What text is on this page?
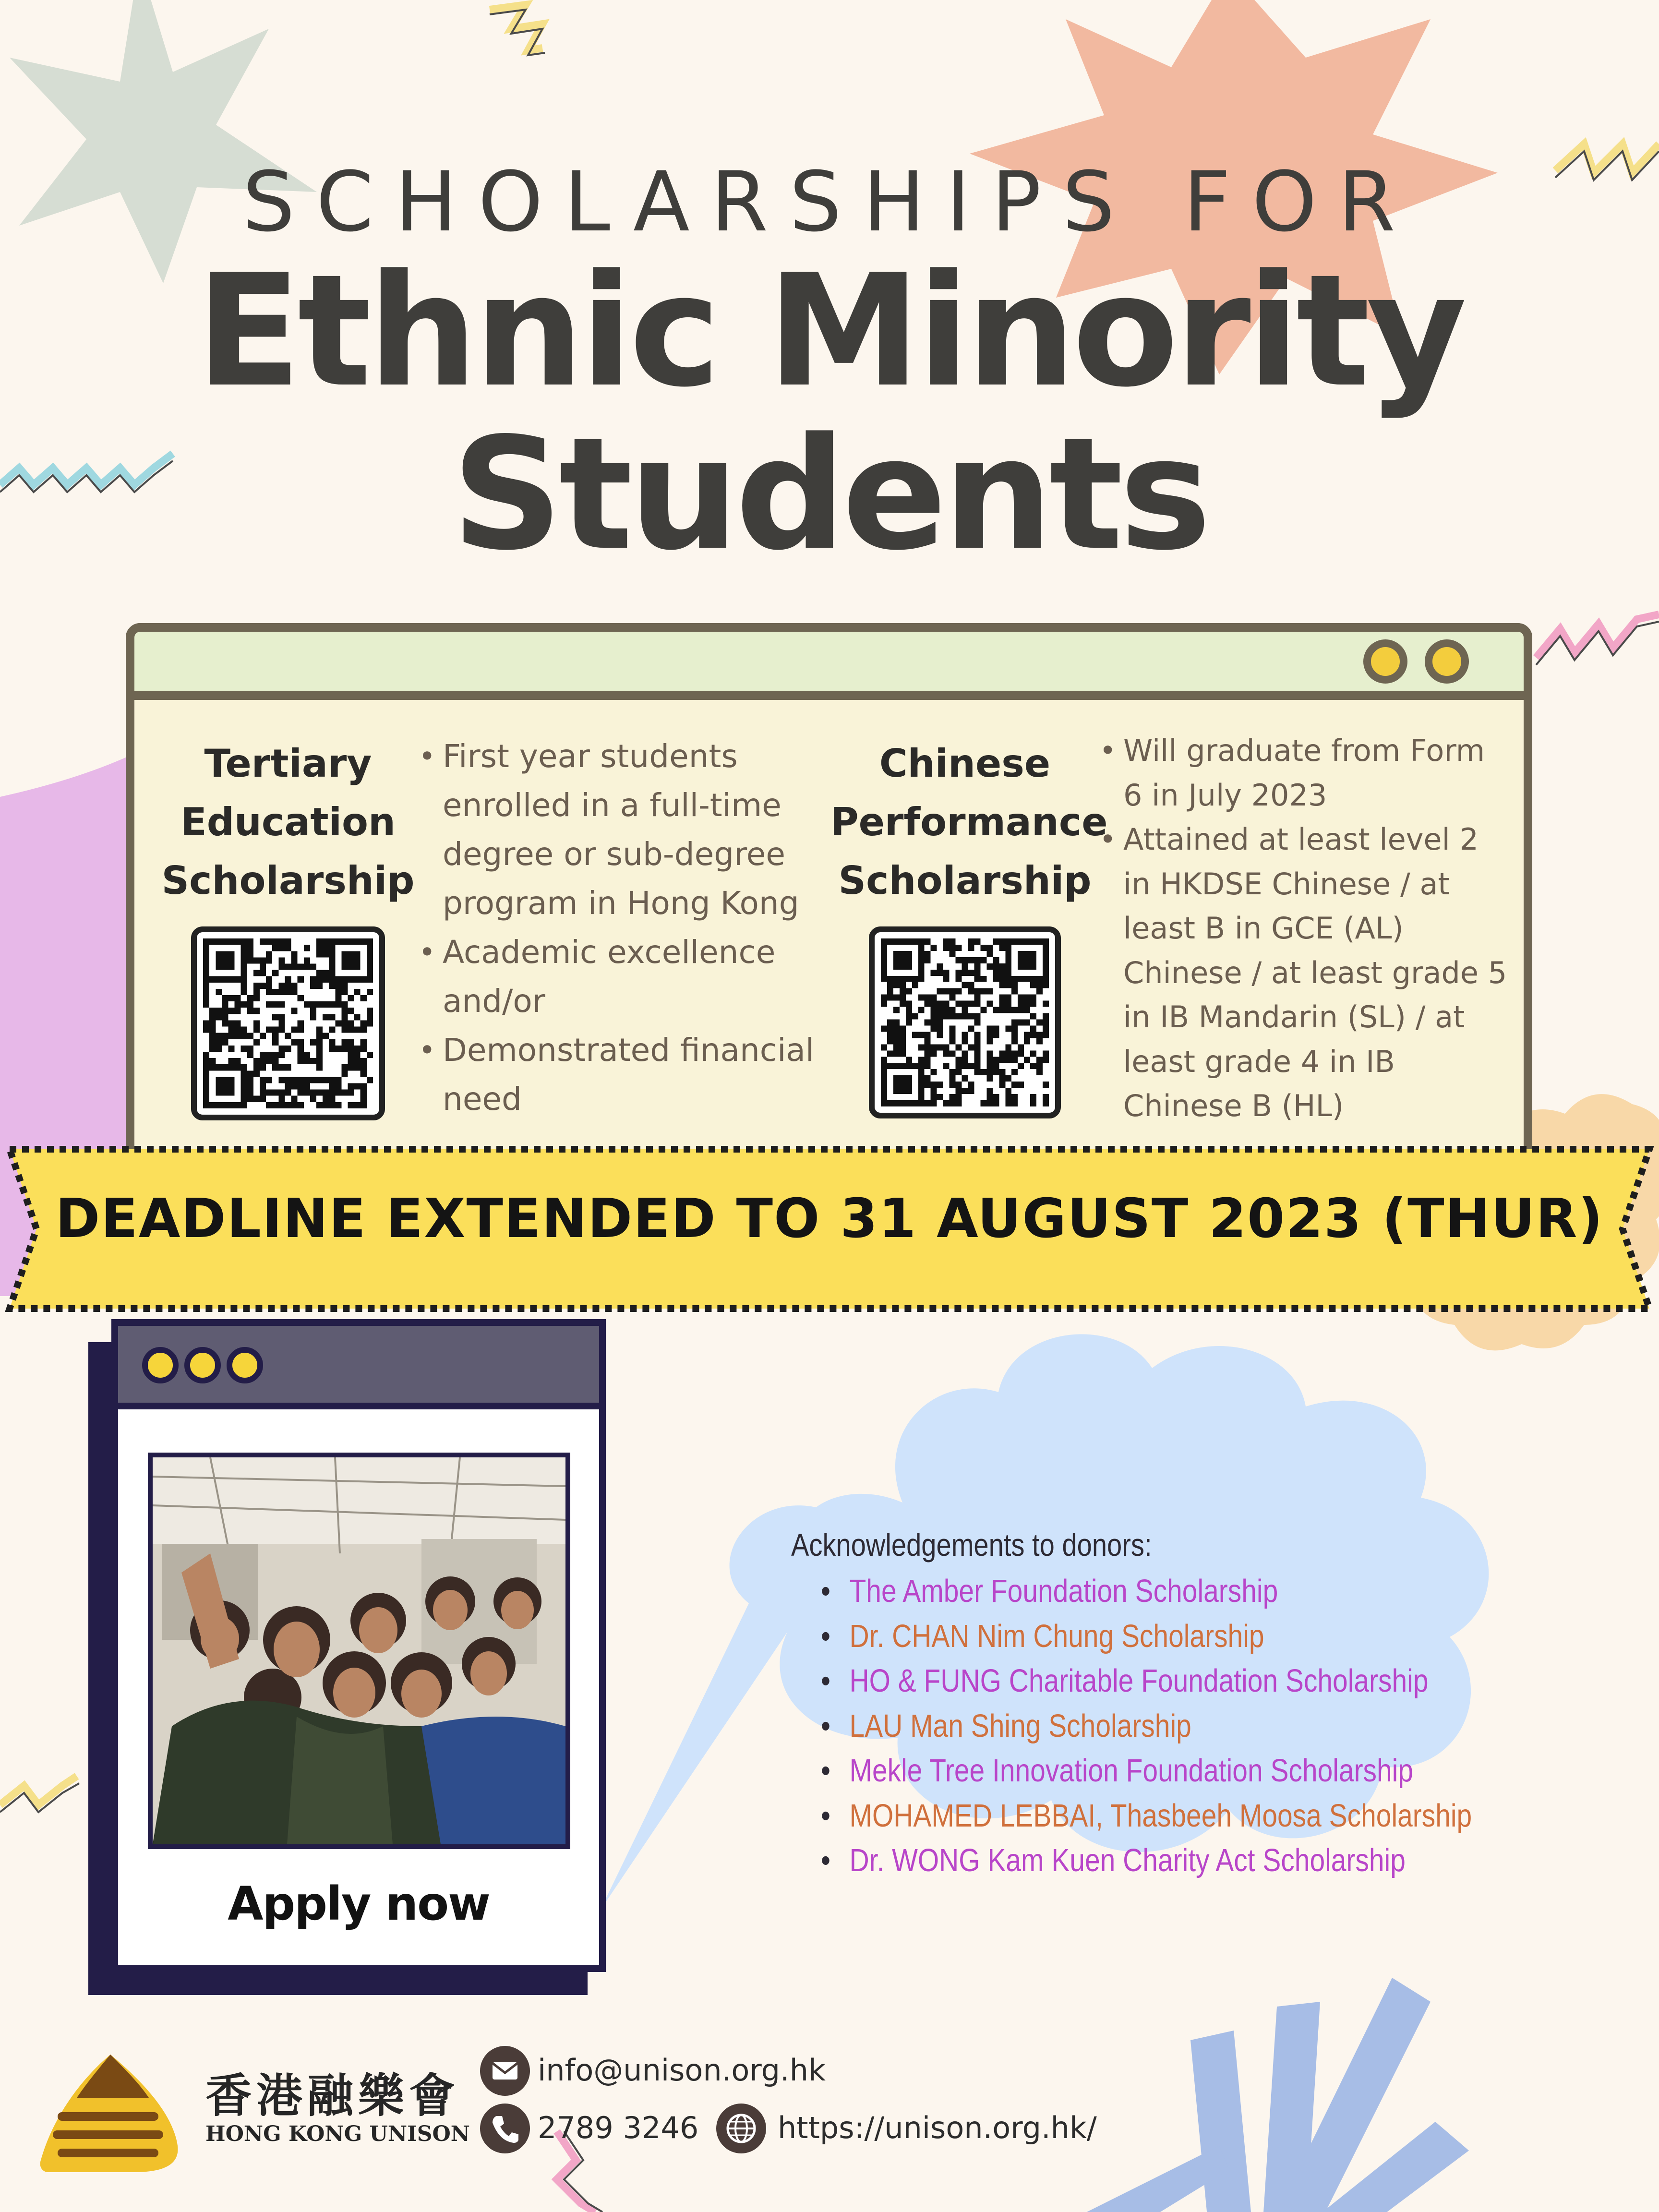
SCHOLARSHIPS FOR
Ethnic Minority
Students
Tertiary
Education
Scholarship
• First year students enrolled in a full-time degree or sub-degree program in Hong Kong
• Academic excellence and/or
• Demonstrated financial need
Chinese
Performance
Scholarship
• Will graduate from Form 6 in July 2023
• Attained at least level 2 in HKDSE Chinese / at least B in GCE (AL) Chinese / at least grade 5 in IB Mandarin (SL) / at least grade 4 in IB Chinese B (HL)
DEADLINE EXTENDED TO 31 AUGUST 2023 (THUR)
Apply now
Acknowledgements to donors:
• The Amber Foundation Scholarship
• Dr. CHAN Nim Chung Scholarship
• HO & FUNG Charitable Foundation Scholarship
• LAU Man Shing Scholarship
• Mekle Tree Innovation Foundation Scholarship
• MOHAMED LEBBAI, Thasbeeh Moosa Scholarship
• Dr. WONG Kam Kuen Charity Act Scholarship
香港融樂會
HONG KONG UNISON
info@unison.org.hk
2789 3246	https://unison.org.hk/
